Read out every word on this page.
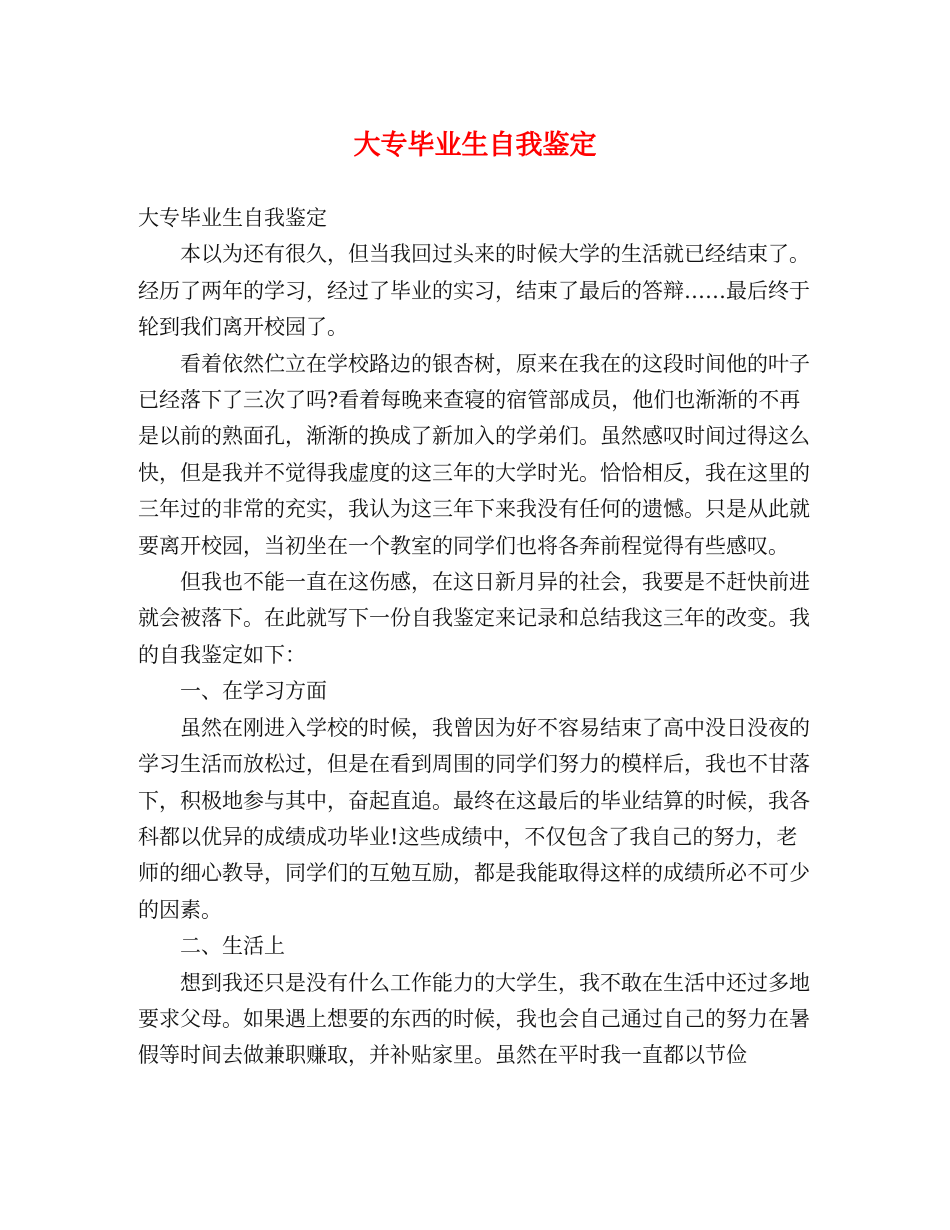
大专毕业生自我鉴定

大专毕业生自我鉴定

本以为还有很久，但当我回过头来的时候大学的生活就已经结束了。经历了两年的学习，经过了毕业的实习，结束了最后的答辩……最后终于轮到我们离开校园了。

看着依然伫立在学校路边的银杏树，原来在我在的这段时间他的叶子已经落下了三次了吗?看着每晚来查寝的宿管部成员，他们也渐渐的不再是以前的熟面孔，渐渐的换成了新加入的学弟们。虽然感叹时间过得这么快，但是我并不觉得我虚度的这三年的大学时光。恰恰相反，我在这里的三年过的非常的充实，我认为这三年下来我没有任何的遗憾。只是从此就要离开校园，当初坐在一个教室的同学们也将各奔前程觉得有些感叹。

但我也不能一直在这伤感，在这日新月异的社会，我要是不赶快前进就会被落下。在此就写下一份自我鉴定来记录和总结我这三年的改变。我的自我鉴定如下：

一、在学习方面

虽然在刚进入学校的时候，我曾因为好不容易结束了高中没日没夜的学习生活而放松过，但是在看到周围的同学们努力的模样后，我也不甘落下，积极地参与其中，奋起直追。最终在这最后的毕业结算的时候，我各科都以优异的成绩成功毕业!这些成绩中，不仅包含了我自己的努力，老师的细心教导，同学们的互勉互励，都是我能取得这样的成绩所必不可少的因素。

二、生活上

想到我还只是没有什么工作能力的大学生，我不敢在生活中还过多地要求父母。如果遇上想要的东西的时候，我也会自己通过自己的努力在暑假等时间去做兼职赚取，并补贴家里。虽然在平时我一直都以节俭
